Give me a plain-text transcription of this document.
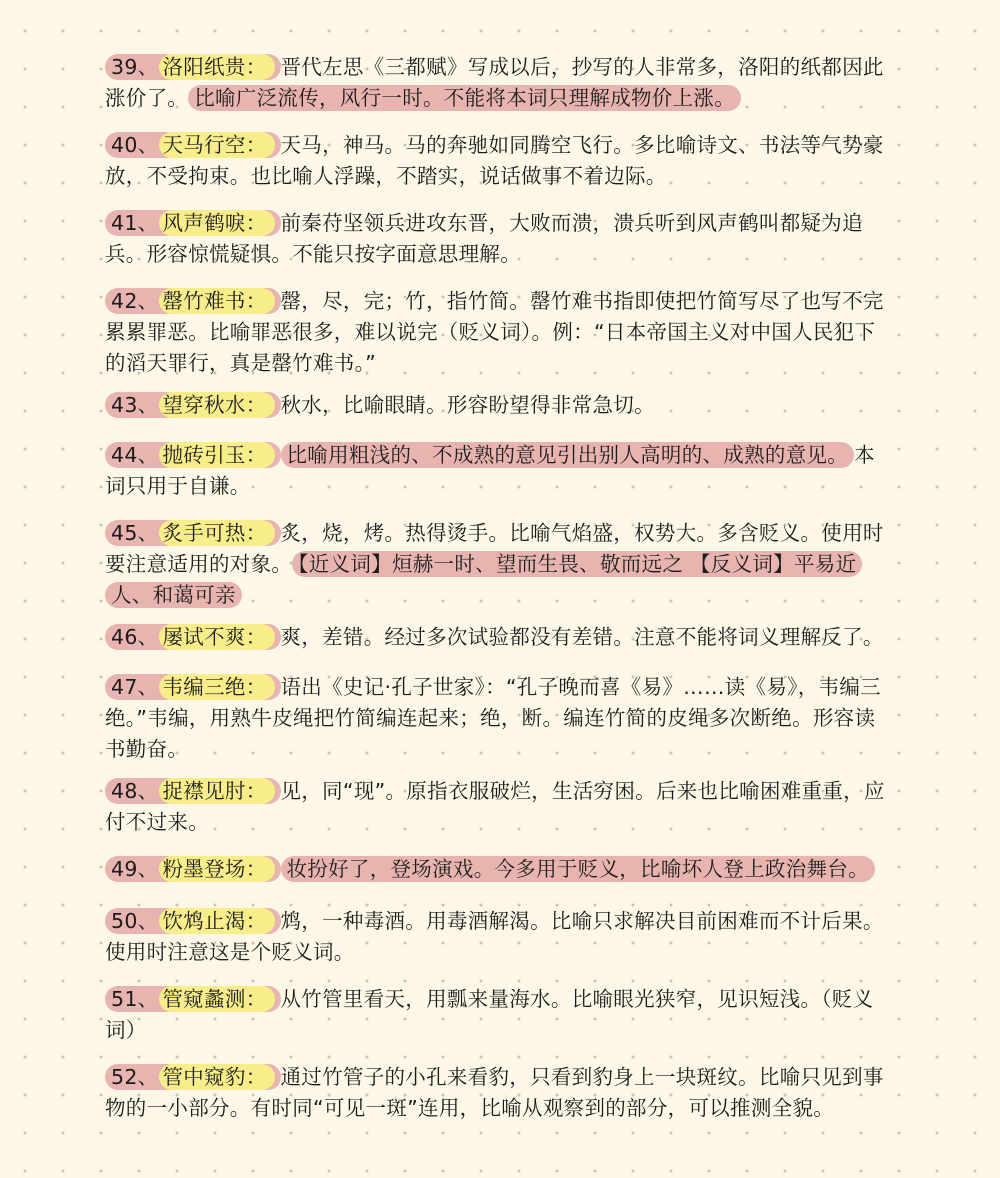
39、 洛阳纸贵： 晋代左思《三都赋》写成以后，抄写的人非常多，洛阳的纸都因此涨价了。 比喻广泛流传，风行一时。不能将本词只理解成物价上涨。

40、 天马行空： 天马，神马。马的奔驰如同腾空飞行。多比喻诗文、书法等气势豪放，不受拘束。也比喻人浮躁，不踏实，说话做事不着边际。

41、 风声鹤唳： 前秦苻坚领兵进攻东晋，大败而溃，溃兵听到风声鹤叫都疑为追兵。形容惊慌疑惧。不能只按字面意思理解。

42、 罄竹难书： 罄，尽，完；竹，指竹简。罄竹难书指即使把竹简写尽了也写不完累累罪恶。比喻罪恶很多，难以说完（贬义词）。例：“日本帝国主义对中国人民犯下的滔天罪行，真是罄竹难书。”

43、 望穿秋水： 秋水，比喻眼睛。形容盼望得非常急切。

44、 抛砖引玉： 比喻用粗浅的、不成熟的意见引出别人高明的、成熟的意见。 本词只用于自谦。

45、 炙手可热： 炙，烧，烤。热得烫手。比喻气焰盛，权势大。多含贬义。使用时要注意适用的对象。 【近义词】烜赫一时、望而生畏、敬而远之 【反义词】平易近人、和蔼可亲

46、 屡试不爽： 爽，差错。经过多次试验都没有差错。注意不能将词义理解反了。

47、 韦编三绝： 语出《史记·孔子世家》：“孔子晚而喜《易》……读《易》，韦编三绝。”韦编，用熟牛皮绳把竹简编连起来；绝，断。编连竹简的皮绳多次断绝。形容读书勤奋。

48、 捉襟见肘： 见，同“现”。原指衣服破烂，生活穷困。后来也比喻困难重重，应付不过来。

49、 粉墨登场： 妆扮好了，登场演戏。今多用于贬义，比喻坏人登上政治舞台。

50、 饮鸩止渴： 鸩，一种毒酒。用毒酒解渴。比喻只求解决目前困难而不计后果。使用时注意这是个贬义词。

51、 管窥蠡测： 从竹管里看天，用瓢来量海水。比喻眼光狭窄，见识短浅。（贬义词）

52、 管中窥豹： 通过竹管子的小孔来看豹，只看到豹身上一块斑纹。比喻只见到事物的一小部分。有时同“可见一斑”连用，比喻从观察到的部分，可以推测全貌。
